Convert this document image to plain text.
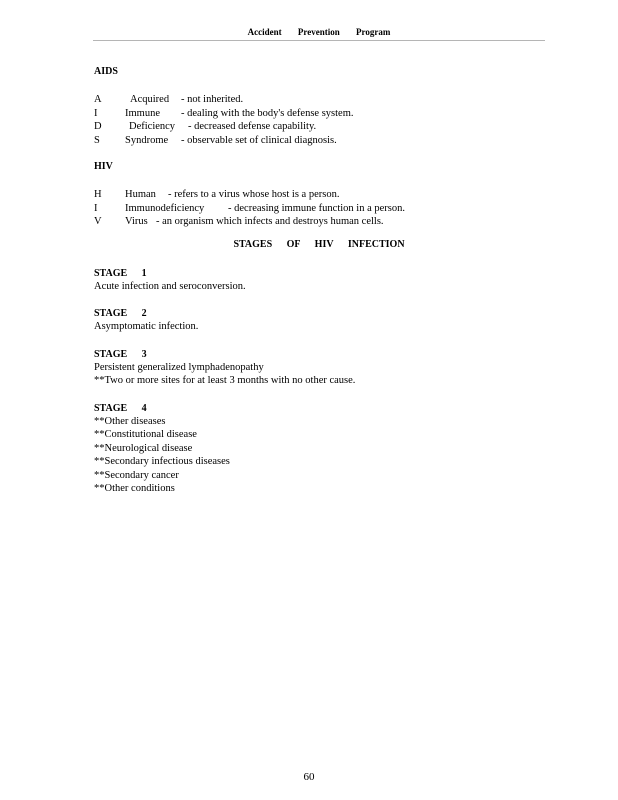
Accident Prevention Program
AIDS
A	Acquired - not inherited.
I	Immune - dealing with the body's defense system.
D	Deficiency - decreased defense capability.
S Syndrome - observable set of clinical diagnosis.
HIV
H Human - refers to a virus whose host is a person.
I	Immunodeficiency - decreasing immune function in a person.
V Virus - an organism which infects and destroys human cells.
STAGES OF HIV INFECTION
STAGE 1
Acute infection and seroconversion.
STAGE 2
Asymptomatic infection.
STAGE 3
Persistent generalized lymphadenopathy
**Two or more sites for at least 3 months with no other cause.
STAGE 4
**Other diseases
**Constitutional disease
**Neurological disease
**Secondary infectious diseases
**Secondary cancer
**Other conditions
60
